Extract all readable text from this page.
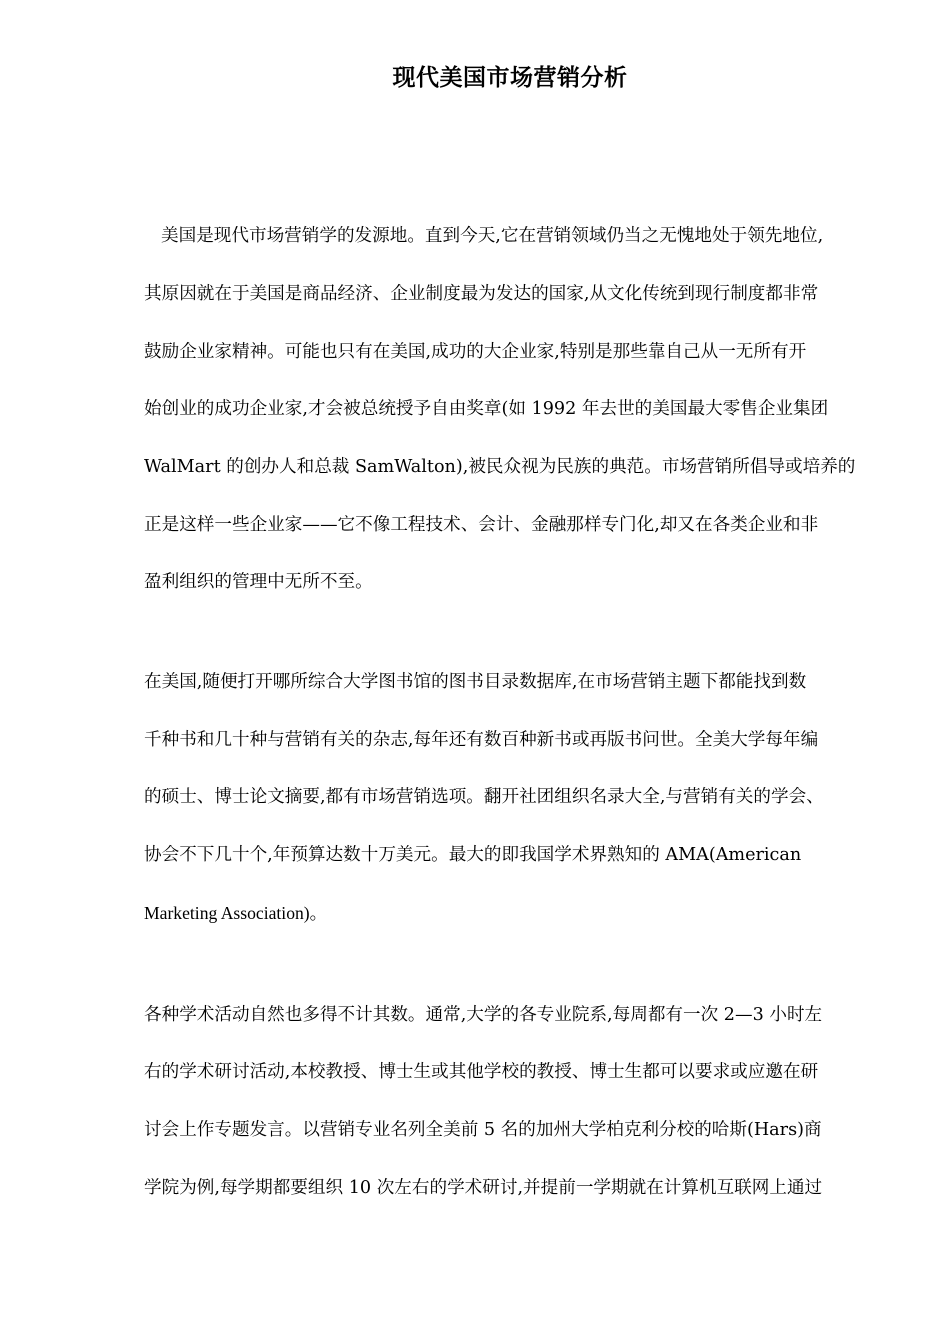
现代美国市场营销分析
美国是现代市场营销学的发源地。直到今天,它在营销领域仍当之无愧地处于领先地位,
其原因就在于美国是商品经济、企业制度最为发达的国家,从文化传统到现行制度都非常
鼓励企业家精神。可能也只有在美国,成功的大企业家,特别是那些靠自己从一无所有开
始创业的成功企业家,才会被总统授予自由奖章(如 1992 年去世的美国最大零售企业集团
WalMart 的创办人和总裁 SamWalton),被民众视为民族的典范。市场营销所倡导或培养的
正是这样一些企业家——它不像工程技术、会计、金融那样专门化,却又在各类企业和非
盈利组织的管理中无所不至。
在美国,随便打开哪所综合大学图书馆的图书目录数据库,在市场营销主题下都能找到数
千种书和几十种与营销有关的杂志,每年还有数百种新书或再版书问世。全美大学每年编
的硕士、博士论文摘要,都有市场营销选项。翻开社团组织名录大全,与营销有关的学会、
协会不下几十个,年预算达数十万美元。最大的即我国学术界熟知的 AMA(American
Marketing Association)。
各种学术活动自然也多得不计其数。通常,大学的各专业院系,每周都有一次 2—3 小时左
右的学术研讨活动,本校教授、博士生或其他学校的教授、博士生都可以要求或应邀在研
讨会上作专题发言。以营销专业名列全美前 5 名的加州大学柏克利分校的哈斯(Hars)商
学院为例,每学期都要组织 10 次左右的学术研讨,并提前一学期就在计算机互联网上通过
